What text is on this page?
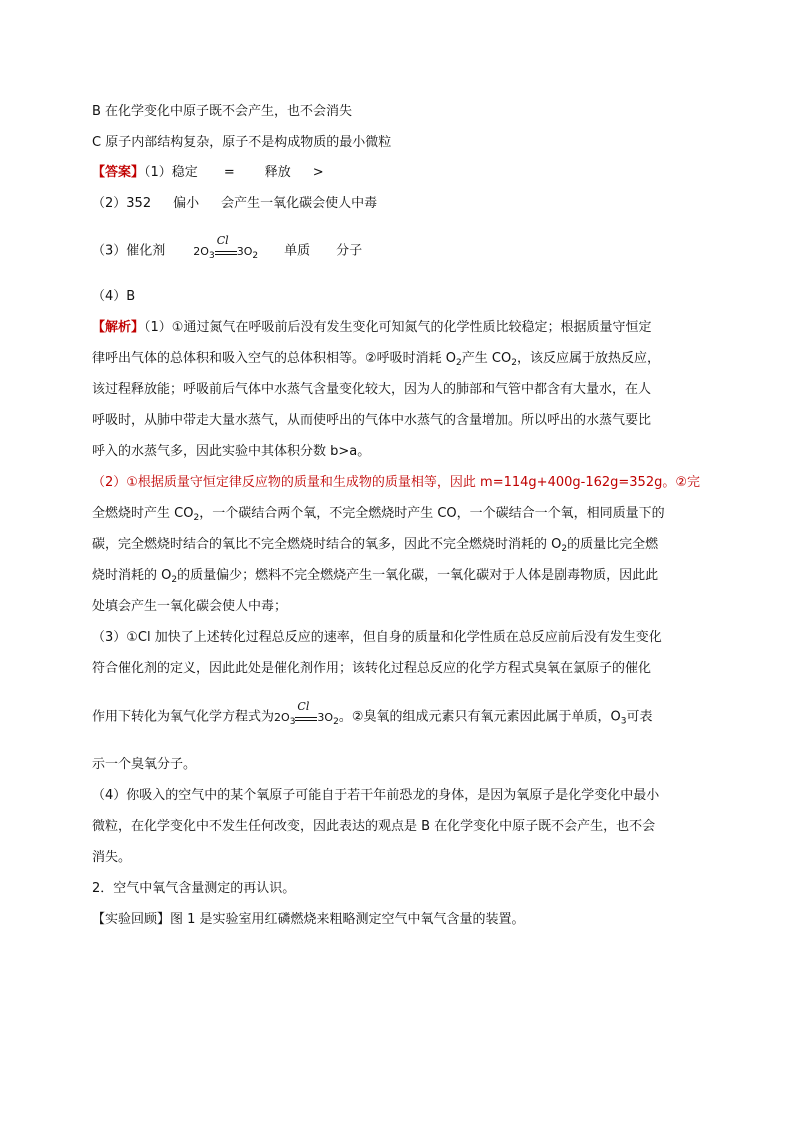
B 在化学变化中原子既不会产生，也不会消失
C 原子内部结构复杂，原子不是构成物质的最小微粒
【答案】（1）稳定 = 释放 >
（2）352 偏小 会产生一氧化碳会使人中毒
（3）催化剂	$2O_3$
Cl
$3O_2$ 单质 分子
（4）B
【解析】（1）①通过氮气在呼吸前后没有发生变化可知氮气的化学性质比较稳定；根据质量守恒定
律呼出气体的总体积和吸入空气的总体积相等。②呼吸时消耗 $O_2$产生 $CO_2$，该反应属于放热反应，
该过程释放能；呼吸前后气体中水蒸气含量变化较大，因为人的肺部和气管中都含有大量水，在人
呼吸时，从肺中带走大量水蒸气，从而使呼出的气体中水蒸气的含量增加。所以呼出的水蒸气要比
呼入的水蒸气多，因此实验中其体积分数 b>a。
（2）①根据质量守恒定律反应物的质量和生成物的质量相等，因此 m=114g+400g-162g=352g。②完
全燃烧时产生 $CO_2$，一个碳结合两个氧，不完全燃烧时产生 CO，一个碳结合一个氧，相同质量下的
碳，完全燃烧时结合的氧比不完全燃烧时结合的氧多，因此不完全燃烧时消耗的 $O_2$的质量比完全燃
烧时消耗的 $O_2$的质量偏少；燃料不完全燃烧产生一氧化碳，一氧化碳对于人体是剧毒物质，因此此
处填会产生一氧化碳会使人中毒；
（3）①Cl 加快了上述转化过程总反应的速率，但自身的质量和化学性质在总反应前后没有发生变化
符合催化剂的定义，因此此处是催化剂作用；该转化过程总反应的化学方程式臭氧在氯原子的催化
作用下转化为氧气化学方程式为$2O_3$
Cl
$3O_2$。②臭氧的组成元素只有氧元素因此属于单质，$O_3$可表
示一个臭氧分子。
（4）你吸入的空气中的某个氧原子可能自于若干年前恐龙的身体，是因为氧原子是化学变化中最小
微粒，在化学变化中不发生任何改变，因此表达的观点是 B 在化学变化中原子既不会产生，也不会
消失。
2．空气中氧气含量测定的再认识。
【实验回顾】图 1 是实验室用红磷燃烧来粗略测定空气中氧气含量的装置。
